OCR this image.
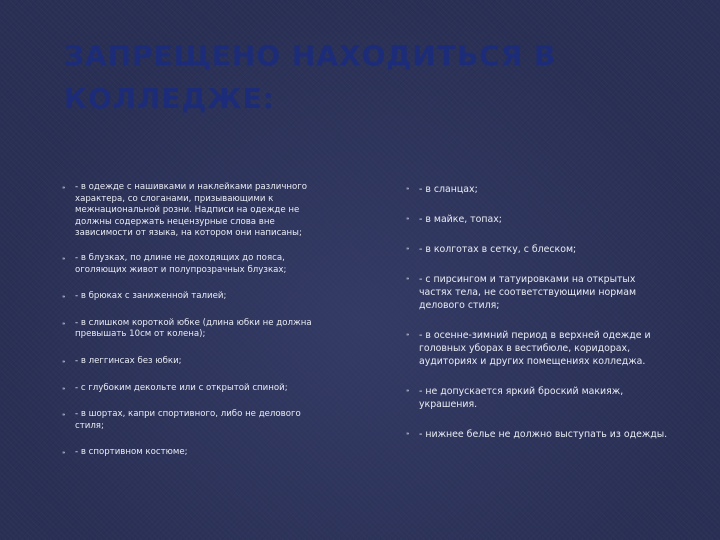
ЗАПРЕЩЕНО НАХОДИТЬСЯ В КОЛЛЕДЖЕ:
⁍ - в одежде с нашивками и наклейками различного характера, со слоганами, призывающими к межнациональной розни. Надписи на одежде не должны содержать нецензурные слова вне зависимости от языка, на котором они написаны;
⁍ - в блузках, по длине не доходящих до пояса, оголяющих живот и полупрозрачных блузках;
⁍ - в брюках с заниженной талией;
⁍ - в слишком короткой юбке (длина юбки не должна превышать 10см от колена);
⁍ - в леггинсах без юбки;
⁍ - с глубоким декольте или с открытой спиной;
⁍ - в шортах, капри спортивного, либо не делового стиля;
⁍ - в спортивном костюме;
⁍ - в сланцах;
⁍ - в майке, топах;
⁍ - в колготах в сетку, с блеском;
⁍ - с пирсингом и татуировками на открытых частях тела, не соответствующими нормам делового стиля;
⁍ - в осенне-зимний период в верхней одежде и головных уборах в вестибюле, коридорах, аудиториях и других помещениях колледжа.
⁍ - не допускается яркий броский макияж, украшения.
⁍ - нижнее белье не должно выступать из одежды.
